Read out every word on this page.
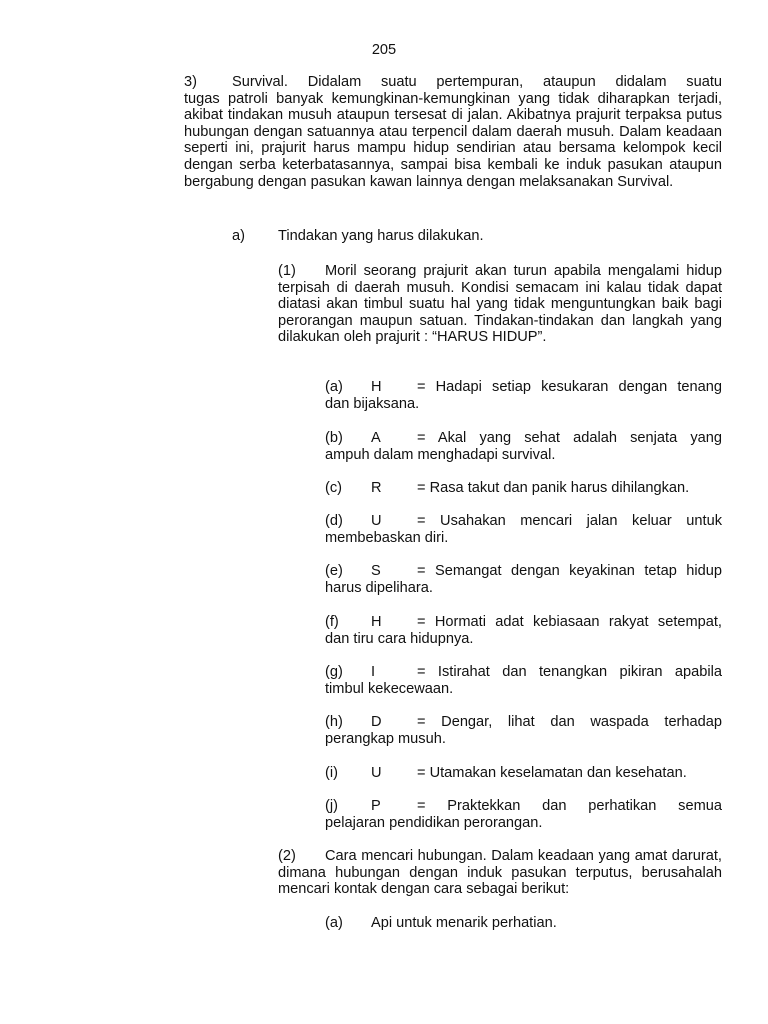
205
3) Survival. Didalam suatu pertempuran, ataupun didalam suatu
tugas patroli banyak kemungkinan-kemungkinan yang tidak diharapkan terjadi, akibat tindakan musuh ataupun tersesat di jalan. Akibatnya prajurit terpaksa putus hubungan dengan satuannya atau terpencil dalam daerah musuh. Dalam keadaan seperti ini, prajurit harus mampu hidup sendirian atau bersama kelompok kecil dengan serba keterbatasannya, sampai bisa kembali ke induk pasukan ataupun bergabung dengan pasukan kawan lainnya dengan melaksanakan Survival.
a) Tindakan yang harus dilakukan.
(1) Moril seorang prajurit akan turun apabila mengalami hidup terpisah di daerah musuh. Kondisi semacam ini kalau tidak dapat diatasi akan timbul suatu hal yang tidak menguntungkan baik bagi perorangan maupun satuan. Tindakan-tindakan dan langkah yang dilakukan oleh prajurit : “HARUS HIDUP”.
(a)	H	= Hadapi setiap kesukaran dengan tenang
dan bijaksana.
(b)	A	= Akal yang sehat adalah senjata yang
ampuh dalam menghadapi survival.
(c)	R	= Rasa takut dan panik harus dihilangkan.
(d)	U	= Usahakan mencari jalan keluar untuk
membebaskan diri.
(e)	S	= Semangat dengan keyakinan tetap hidup
harus dipelihara.
(f)	H	= Hormati adat kebiasaan rakyat setempat,
dan tiru cara hidupnya.
(g)	I	= Istirahat dan tenangkan pikiran apabila
timbul kekecewaan.
(h)	D	= Dengar, lihat dan waspada terhadap
perangkap musuh.
(i)	U	= Utamakan keselamatan dan kesehatan.
(j)	P	= Praktekkan dan perhatikan semua
pelajaran pendidikan perorangan.
(2) Cara mencari hubungan. Dalam keadaan yang amat darurat, dimana hubungan dengan induk pasukan terputus, berusahalah mencari kontak dengan cara sebagai berikut:
(a) Api untuk menarik perhatian.
